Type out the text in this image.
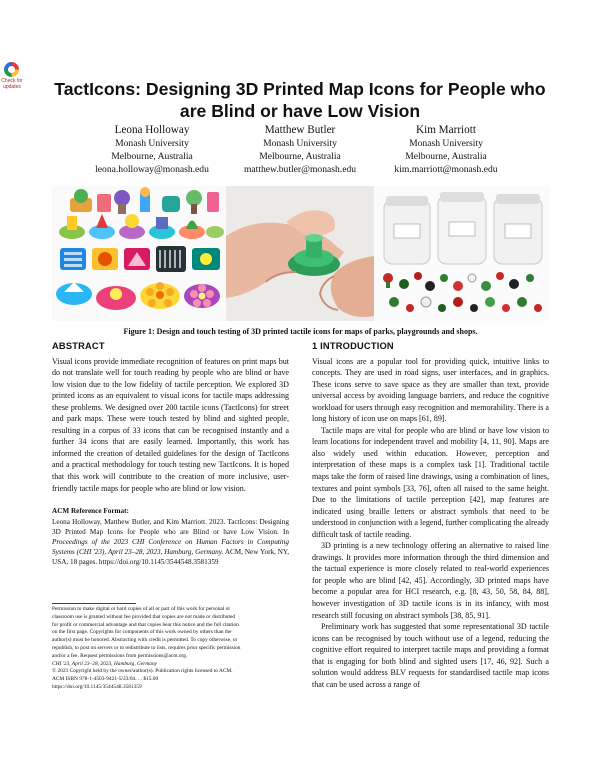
Check for updates	TactIcons: Designing 3D Printed Map Icons for People who are Blind or have Low Vision
Leona Holloway
Monash University
Melbourne, Australia
leona.holloway@monash.edu
Matthew Butler
Monash University
Melbourne, Australia
matthew.butler@monash.edu
Kim Marriott
Monash University
Melbourne, Australia
kim.marriott@monash.edu

Figure 1: Design and touch testing of 3D printed tactile icons for maps of parks, playgrounds and shops.

ABSTRACT

Visual icons provide immediate recognition of features on print maps but do not translate well for touch reading by people who are blind or have low vision due to the low fidelity of tactile perception. We explored 3D printed icons as an equivalent to visual icons for tactile maps addressing these problems. We designed over 200 tactile icons (TactIcons) for street and park maps. These were touch tested by blind and sighted people, resulting in a corpus of 33 icons that can be recognised instantly and a further 34 icons that are easily learned. Importantly, this work has informed the creation of detailed guidelines for the design of TactIcons and a practical methodology for touch testing new TactIcons. It is hoped that this work will contribute to the creation of more inclusive, user-friendly tactile maps for people who are blind or low vision.

ACM Reference Format:
Leona Holloway, Matthew Butler, and Kim Marriott. 2023. TactIcons: Designing 3D Printed Map Icons for People who are Blind or have Low Vision. In Proceedings of the 2023 CHI Conference on Human Factors in Computing Systems (CHI '23), April 23–28, 2023, Hamburg, Germany. ACM, New York, NY, USA, 18 pages. https://doi.org/10.1145/3544548.3581359
Permission to make digital or hard copies of all or part of this work for personal or
classroom use is granted without fee provided that copies are not made or distributed
for profit or commercial advantage and that copies bear this notice and the full citation
on the first page. Copyrights for components of this work owned by others than the
author(s) must be honored. Abstracting with credit is permitted. To copy otherwise, or
republish, to post on servers or to redistribute to lists, requires prior specific permission
and/or a fee. Request permissions from permissions@acm.org.
CHI '23, April 23–28, 2023, Hamburg, Germany
© 2023 Copyright held by the owner/author(s). Publication rights licensed to ACM.
ACM ISBN 978-1-4503-9421-5/23/04. . . $15.00
https://doi.org/10.1145/3544548.3581359
1 INTRODUCTION

Visual icons are a popular tool for providing quick, intuitive links to concepts. They are used in road signs, user interfaces, and in graphics. These icons serve to save space as they are smaller than text, provide universal access by avoiding language barriers, and reduce the cognitive workload for users through easy recognition and memorability. There is a long history of icon use on maps [61, 89].

Tactile maps are vital for people who are blind or have low vision to learn locations for independent travel and mobility [4, 11, 90]. Maps are also widely used within education. However, perception and interpretation of these maps is a complex task [1]. Traditional tactile maps take the form of raised line drawings, using a combination of lines, textures and point symbols [33, 76], often all raised to the same height. Due to the limitations of tactile perception [42], map features are indicated using braille letters or abstract symbols that need to be understood in conjunction with a legend, further complicating the already difficult task of tactile reading.

3D printing is a new technology offering an alternative to raised line drawings. It provides more information through the third dimension and the tactual experience is more closely related to real-world experiences for people who are blind [42, 45]. Accordingly, 3D printed maps have become a popular area for HCI research, e.g. [8, 43, 50, 58, 84, 88], however investigation of 3D tactile icons is in its infancy, with most research still focusing on abstract symbols [38, 85, 91].

Preliminary work has suggested that some representational 3D tactile icons can be recognised by touch without use of a legend, reducing the cognitive effort required to interpret tactile maps and providing a format that is engaging for both blind and sighted users [17, 46, 92]. Such a solution would address BLV requests for standardised tactile map icons that can be used across a range of
